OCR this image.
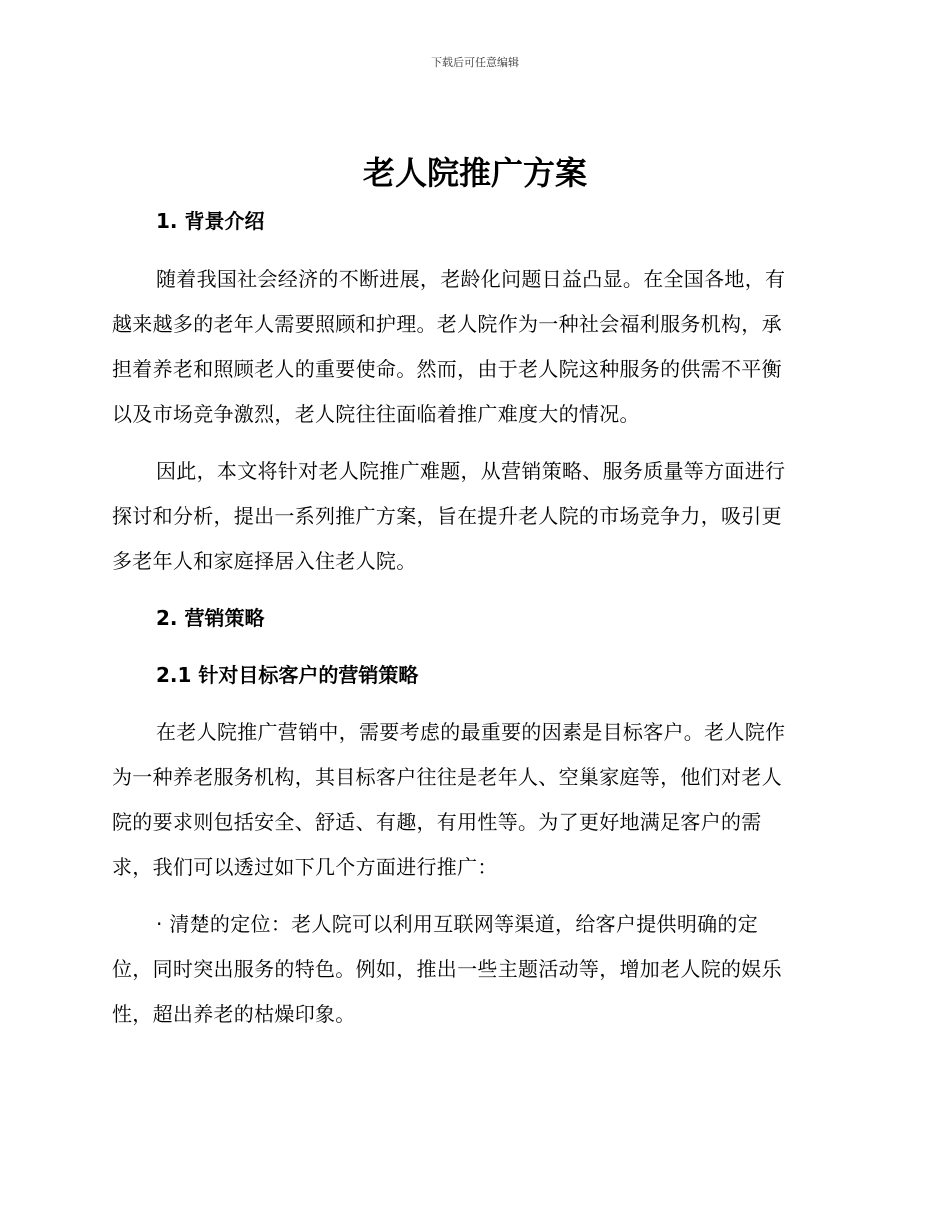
下载后可任意编辑
老人院推广方案
1. 背景介绍
随着我国社会经济的不断进展，老龄化问题日益凸显。在全国各地，有
越来越多的老年人需要照顾和护理。老人院作为一种社会福利服务机构，承
担着养老和照顾老人的重要使命。然而，由于老人院这种服务的供需不平衡
以及市场竞争激烈，老人院往往面临着推广难度大的情况。
因此，本文将针对老人院推广难题，从营销策略、服务质量等方面进行
探讨和分析，提出一系列推广方案，旨在提升老人院的市场竞争力，吸引更
多老年人和家庭择居入住老人院。
2. 营销策略
2.1 针对目标客户的营销策略
在老人院推广营销中，需要考虑的最重要的因素是目标客户。老人院作
为一种养老服务机构，其目标客户往往是老年人、空巢家庭等，他们对老人
院的要求则包括安全、舒适、有趣，有用性等。为了更好地满足客户的需
求，我们可以透过如下几个方面进行推广：
· 清楚的定位：老人院可以利用互联网等渠道，给客户提供明确的定
位，同时突出服务的特色。例如，推出一些主题活动等，增加老人院的娱乐
性，超出养老的枯燥印象。
